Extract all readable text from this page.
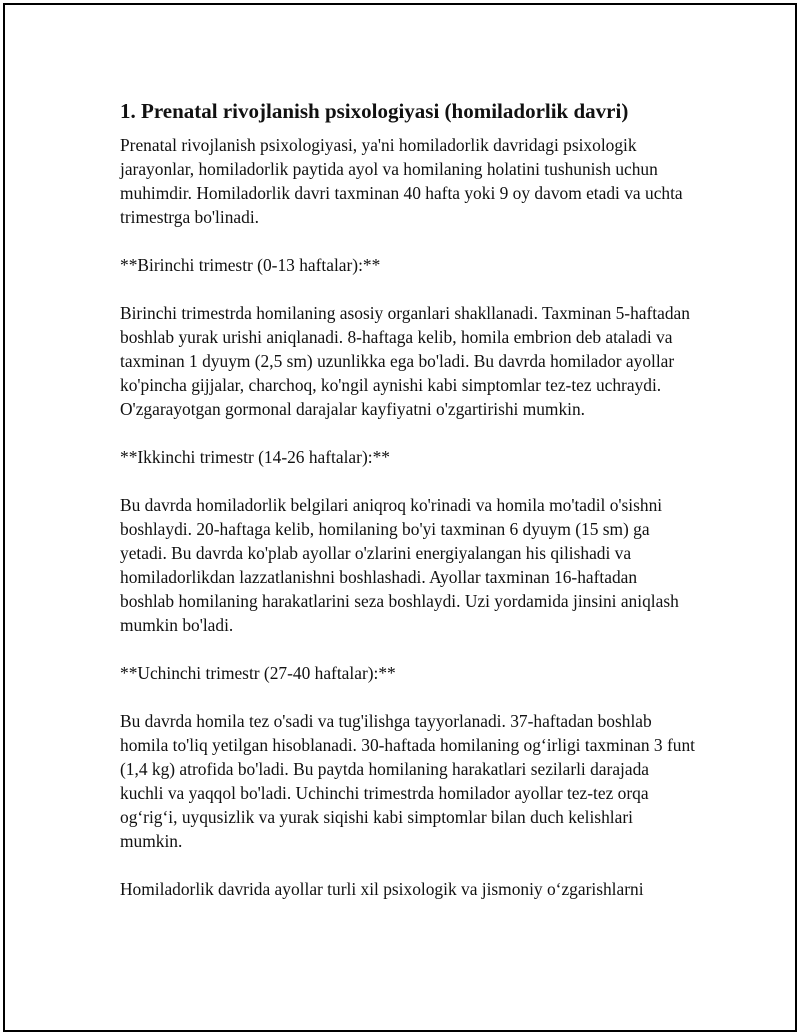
1. Prenatal rivojlanish psixologiyasi (homiladorlik davri)

Prenatal rivojlanish psixologiyasi, ya'ni homiladorlik davridagi psixologik jarayonlar, homiladorlik paytida ayol va homilaning holatini tushunish uchun muhimdir. Homiladorlik davri taxminan 40 hafta yoki 9 oy davom etadi va uchta trimestrga bo'linadi.

**Birinchi trimestr (0-13 haftalar):**

Birinchi trimestrda homilaning asosiy organlari shakllanadi. Taxminan 5-haftadan boshlab yurak urishi aniqlanadi. 8-haftaga kelib, homila embrion deb ataladi va taxminan 1 dyuym (2,5 sm) uzunlikka ega bo'ladi. Bu davrda homilador ayollar ko'pincha gijjalar, charchoq, ko'ngil aynishi kabi simptomlar tez-tez uchraydi. O'zgarayotgan gormonal darajalar kayfiyatni o'zgartirishi mumkin.

**Ikkinchi trimestr (14-26 haftalar):**

Bu davrda homiladorlik belgilari aniqroq ko'rinadi va homila mo'tadil o'sishni boshlaydi. 20-haftaga kelib, homilaning bo'yi taxminan 6 dyuym (15 sm) ga yetadi. Bu davrda ko'plab ayollar o'zlarini energiyalangan his qilishadi va homiladorlikdan lazzatlanishni boshlashadi. Ayollar taxminan 16-haftadan boshlab homilaning harakatlarini seza boshlaydi. Uzi yordamida jinsini aniqlash mumkin bo'ladi.

**Uchinchi trimestr (27-40 haftalar):**

Bu davrda homila tez o'sadi va tug'ilishga tayyorlanadi. 37-haftadan boshlab homila to'liq yetilgan hisoblanadi. 30-haftada homilaning og‘irligi taxminan 3 funt (1,4 kg) atrofida bo'ladi. Bu paytda homilaning harakatlari sezilarli darajada kuchli va yaqqol bo'ladi. Uchinchi trimestrda homilador ayollar tez-tez orqa og‘rig‘i, uyqusizlik va yurak siqishi kabi simptomlar bilan duch kelishlari mumkin.

Homiladorlik davrida ayollar turli xil psixologik va jismoniy o‘zgarishlarni
